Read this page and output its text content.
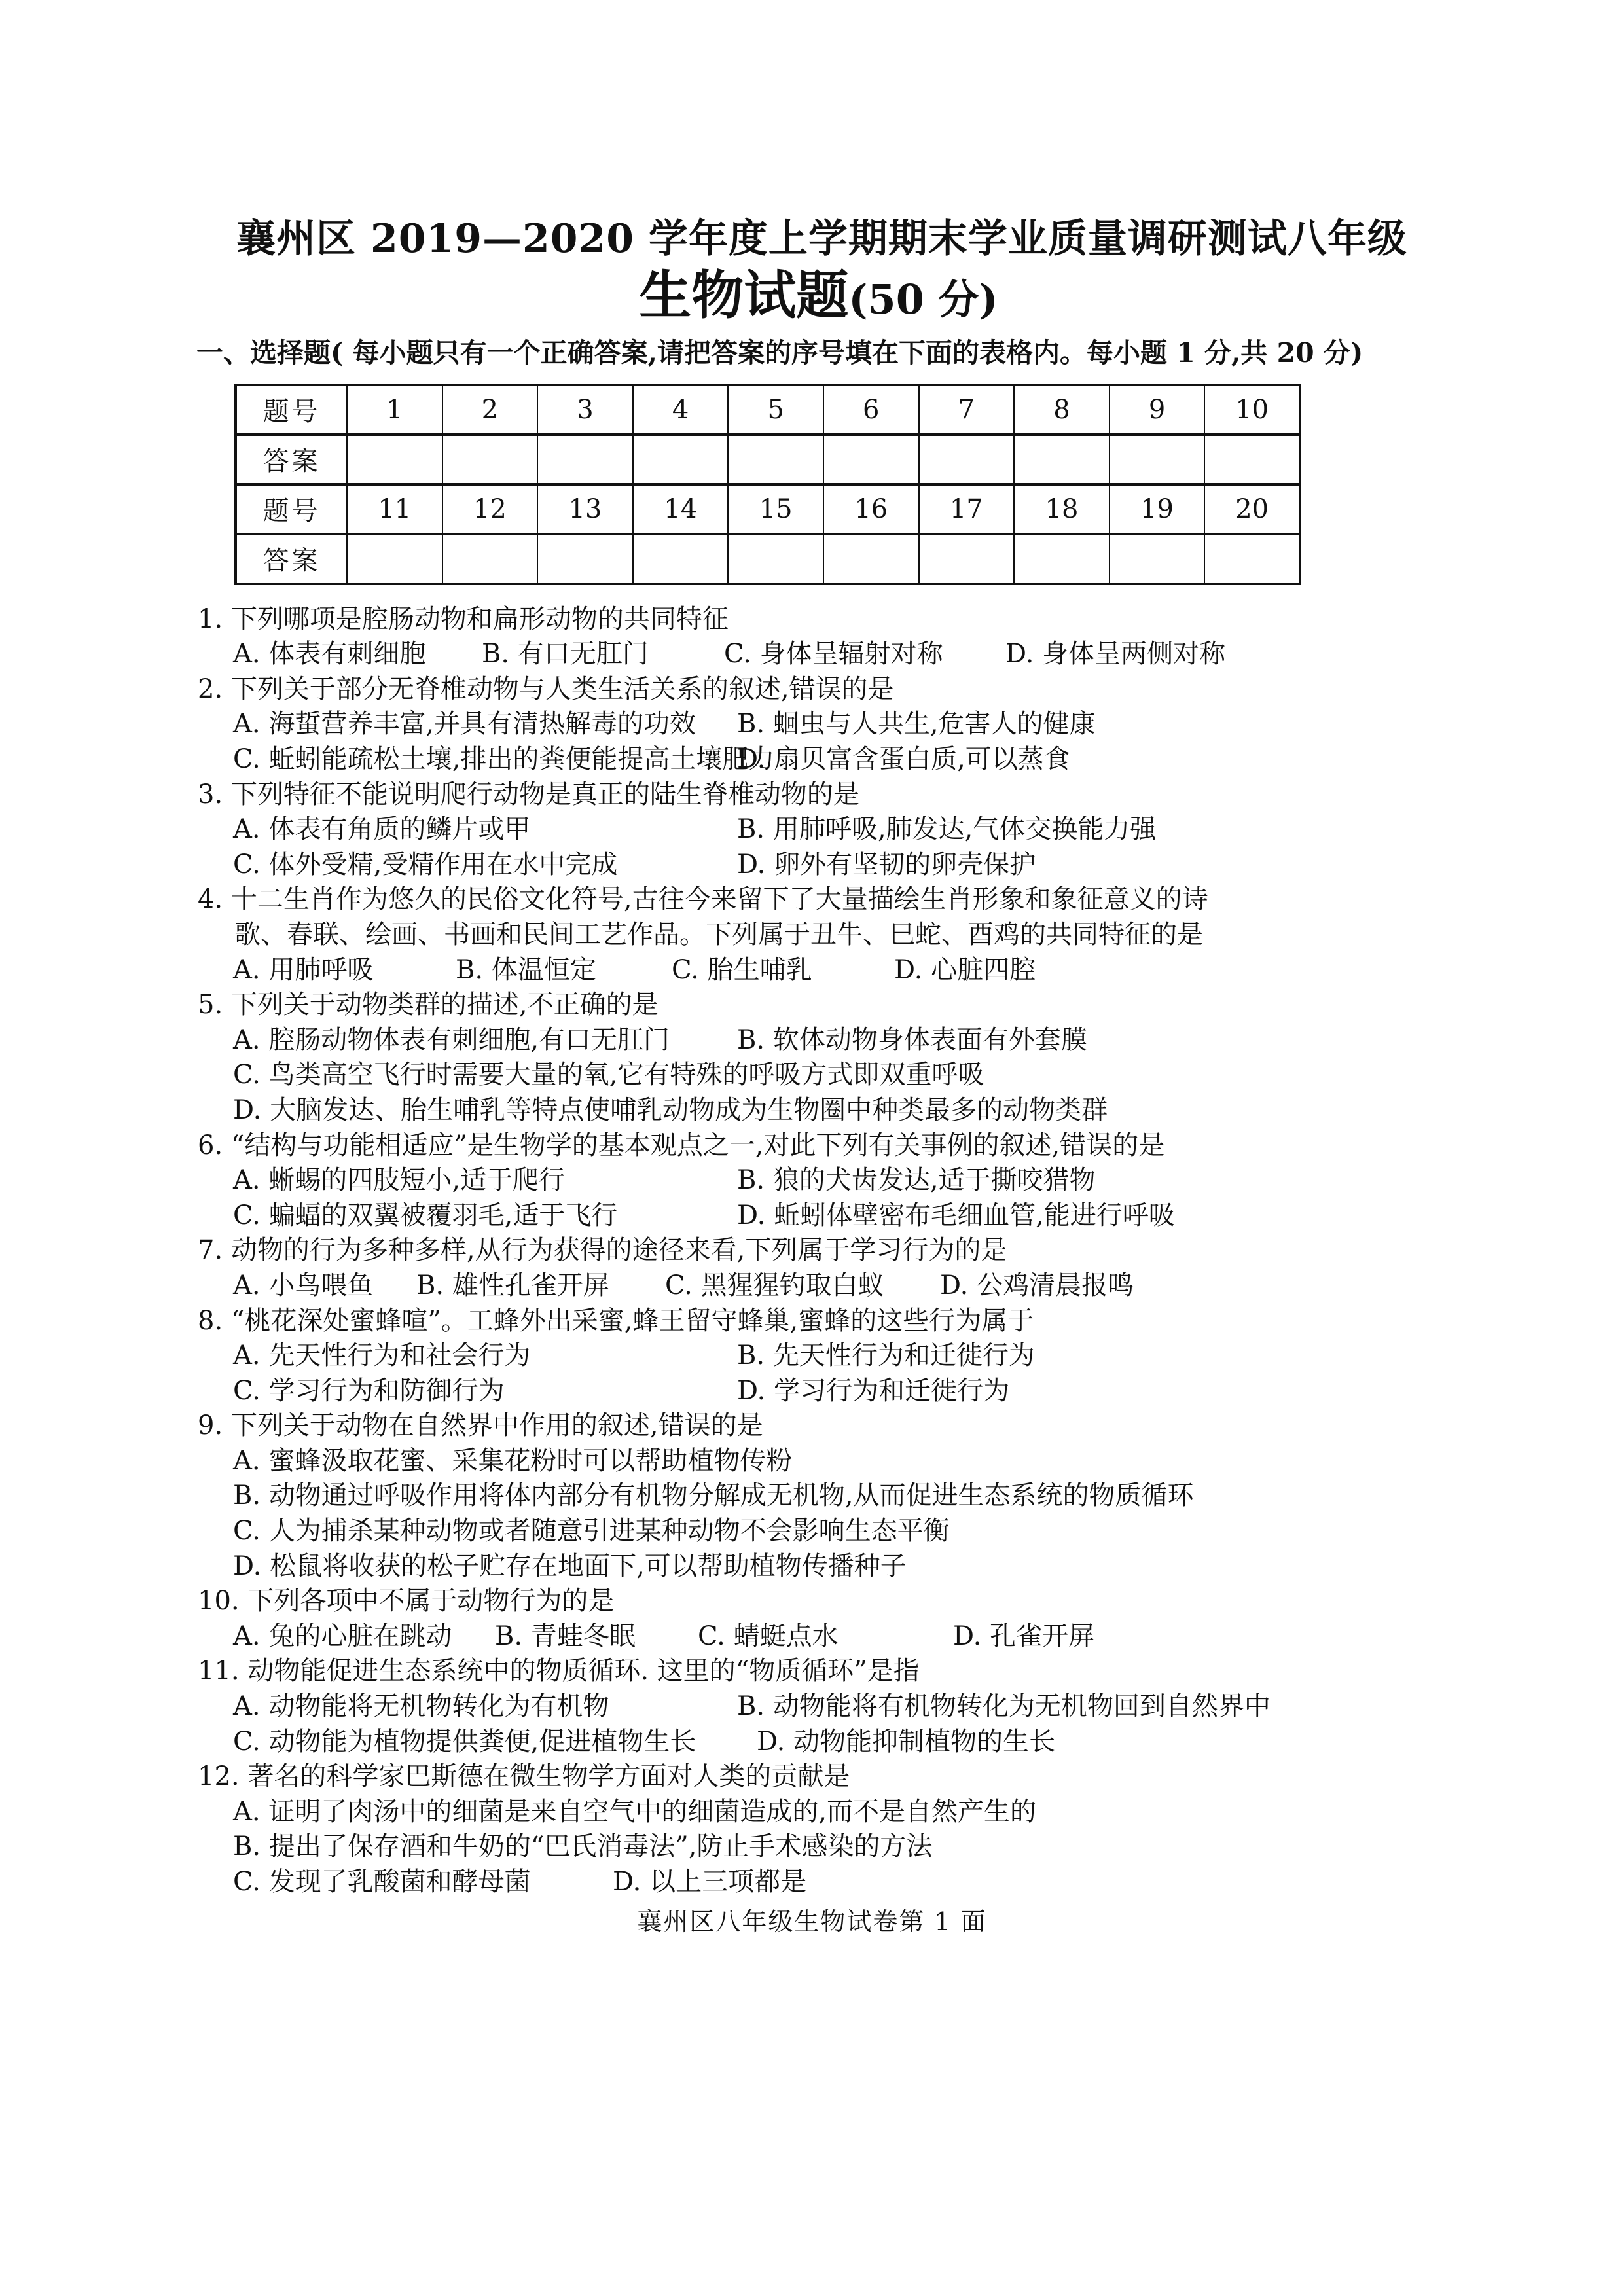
襄州区 2019—2020 学年度上学期期末学业质量调研测试八年级
生物试题(50 分)
一、选择题( 每小题只有一个正确答案,请把答案的序号填在下面的表格内。每小题 1 分,共 20 分)
题号	1	2	3	4	5	6	7	8	9	10
答案										
题号	11	12	13	14	15	16	17	18	19	20
答案										
1. 下列哪项是腔肠动物和扁形动物的共同特征
A. 体表有刺细胞 B. 有口无肛门	C. 身体呈辐射对称 D. 身体呈两侧对称
2. 下列关于部分无脊椎动物与人类生活关系的叙述,错误的是
A. 海蜇营养丰富,并具有清热解毒的功效 B. 蛔虫与人共生,危害人的健康
C. 蚯蚓能疏松土壤,排出的粪便能提高土壤肥力D. 扇贝富含蛋白质,可以蒸食
3. 下列特征不能说明爬行动物是真正的陆生脊椎动物的是
A. 体表有角质的鳞片或甲	B. 用肺呼吸,肺发达,气体交换能力强
C. 体外受精,受精作用在水中完成	D. 卵外有坚韧的卵壳保护
4. 十二生肖作为悠久的民俗文化符号,古往今来留下了大量描绘生肖形象和象征意义的诗
歌、春联、绘画、书画和民间工艺作品。下列属于丑牛、巳蛇、酉鸡的共同特征的是
A. 用肺呼吸	B. 体温恒定	C. 胎生哺乳	D. 心脏四腔
5. 下列关于动物类群的描述,不正确的是
A. 腔肠动物体表有刺细胞,有口无肛门	B. 软体动物身体表面有外套膜
C. 鸟类高空飞行时需要大量的氧,它有特殊的呼吸方式即双重呼吸
D. 大脑发达、胎生哺乳等特点使哺乳动物成为生物圈中种类最多的动物类群
6. “结构与功能相适应”是生物学的基本观点之一,对此下列有关事例的叙述,错误的是
A. 蜥蜴的四肢短小,适于爬行	B. 狼的犬齿发达,适于撕咬猎物
C. 蝙蝠的双翼被覆羽毛,适于飞行	D. 蚯蚓体壁密布毛细血管,能进行呼吸
7. 动物的行为多种多样,从行为获得的途径来看,下列属于学习行为的是
A. 小鸟喂鱼 B. 雄性孔雀开屏 C. 黑猩猩钓取白蚁 D. 公鸡清晨报鸣
8. “桃花深处蜜蜂喧”。工蜂外出采蜜,蜂王留守蜂巢,蜜蜂的这些行为属于
A. 先天性行为和社会行为	B. 先天性行为和迁徙行为
C. 学习行为和防御行为	D. 学习行为和迁徙行为
9. 下列关于动物在自然界中作用的叙述,错误的是
A. 蜜蜂汲取花蜜、采集花粉时可以帮助植物传粉
B. 动物通过呼吸作用将体内部分有机物分解成无机物,从而促进生态系统的物质循环
C. 人为捕杀某种动物或者随意引进某种动物不会影响生态平衡
D. 松鼠将收获的松子贮存在地面下,可以帮助植物传播种子
10. 下列各项中不属于动物行为的是
A. 兔的心脏在跳动 B. 青蛙冬眠 C. 蜻蜓点水	D. 孔雀开屏
11. 动物能促进生态系统中的物质循环. 这里的“物质循环”是指
A. 动物能将无机物转化为有机物	B. 动物能将有机物转化为无机物回到自然界中
C. 动物能为植物提供粪便,促进植物生长 D. 动物能抑制植物的生长
12. 著名的科学家巴斯德在微生物学方面对人类的贡献是
A. 证明了肉汤中的细菌是来自空气中的细菌造成的,而不是自然产生的
B. 提出了保存酒和牛奶的“巴氏消毒法”,防止手术感染的方法
C. 发现了乳酸菌和酵母菌	D. 以上三项都是
襄州区八年级生物试卷第 1 面
